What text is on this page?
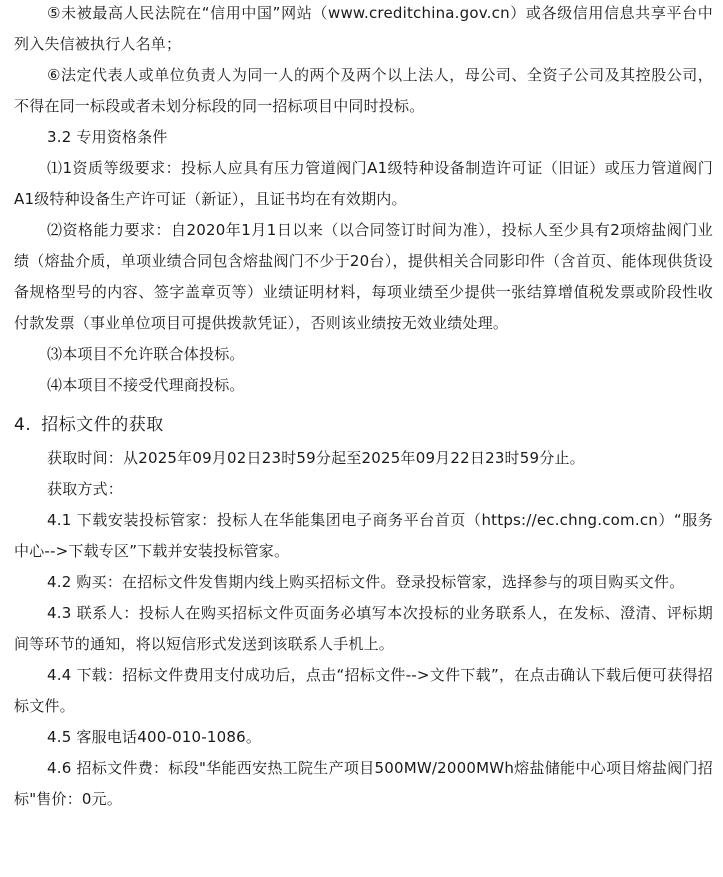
⑤未被最高人民法院在“信用中国”网站（www.creditchina.gov.cn）或各级信用信息共享平台中列入失信被执行人名单；

⑥法定代表人或单位负责人为同一人的两个及两个以上法人，母公司、全资子公司及其控股公司，不得在同一标段或者未划分标段的同一招标项目中同时投标。

3.2 专用资格条件

⑴1资质等级要求：投标人应具有压力管道阀门A1级特种设备制造许可证（旧证）或压力管道阀门A1级特种设备生产许可证（新证），且证书均在有效期内。

⑵资格能力要求：自2020年1月1日以来（以合同签订时间为准），投标人至少具有2项熔盐阀门业绩（熔盐介质，单项业绩合同包含熔盐阀门不少于20台），提供相关合同影印件（含首页、能体现供货设备规格型号的内容、签字盖章页等）业绩证明材料，每项业绩至少提供一张结算增值税发票或阶段性收付款发票（事业单位项目可提供拨款凭证），否则该业绩按无效业绩处理。

⑶本项目不允许联合体投标。

⑷本项目不接受代理商投标。

4. 招标文件的获取

获取时间：从2025年09月02日23时59分起至2025年09月22日23时59分止。

获取方式：

4.1 下载安装投标管家：投标人在华能集团电子商务平台首页（https://ec.chng.com.cn）“服务中心-->下载专区”下载并安装投标管家。

4.2 购买：在招标文件发售期内线上购买招标文件。登录投标管家，选择参与的项目购买文件。

4.3 联系人：投标人在购买招标文件页面务必填写本次投标的业务联系人，在发标、澄清、评标期间等环节的通知，将以短信形式发送到该联系人手机上。

4.4 下载：招标文件费用支付成功后，点击“招标文件-->文件下载”，在点击确认下载后便可获得招标文件。

4.5 客服电话400-010-1086。

4.6 招标文件费：标段"华能西安热工院生产项目500MW/2000MWh熔盐储能中心项目熔盐阀门招标"售价：0元。
